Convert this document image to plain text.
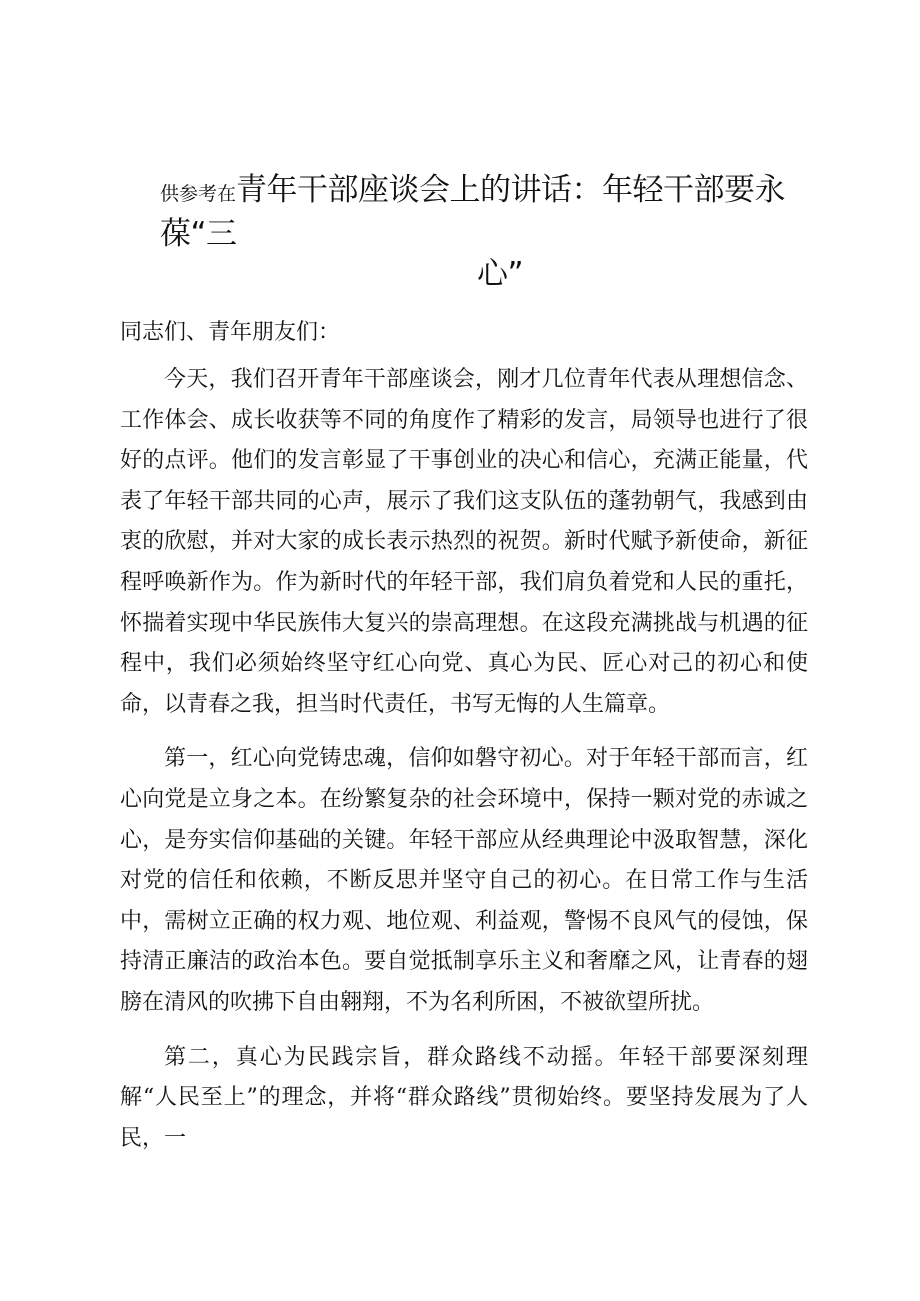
供参考在青年干部座谈会上的讲话：年轻干部要永葆“三
心”
同志们、青年朋友们：

今天，我们召开青年干部座谈会，刚才几位青年代表从理想信念、工作体会、成长收获等不同的角度作了精彩的发言，局领导也进行了很好的点评。他们的发言彰显了干事创业的决心和信心，充满正能量，代表了年轻干部共同的心声，展示了我们这支队伍的蓬勃朝气，我感到由衷的欣慰，并对大家的成长表示热烈的祝贺。新时代赋予新使命，新征程呼唤新作为。作为新时代的年轻干部，我们肩负着党和人民的重托，怀揣着实现中华民族伟大复兴的崇高理想。在这段充满挑战与机遇的征程中，我们必须始终坚守红心向党、真心为民、匠心对己的初心和使命，以青春之我，担当时代责任，书写无悔的人生篇章。

第一，红心向党铸忠魂，信仰如磐守初心。对于年轻干部而言，红心向党是立身之本。在纷繁复杂的社会环境中，保持一颗对党的赤诚之心，是夯实信仰基础的关键。年轻干部应从经典理论中汲取智慧，深化对党的信任和依赖，不断反思并坚守自己的初心。在日常工作与生活中，需树立正确的权力观、地位观、利益观，警惕不良风气的侵蚀，保持清正廉洁的政治本色。要自觉抵制享乐主义和奢靡之风，让青春的翅膀在清风的吹拂下自由翱翔，不为名利所困，不被欲望所扰。

第二，真心为民践宗旨，群众路线不动摇。年轻干部要深刻理解“人民至上”的理念，并将“群众路线”贯彻始终。要坚持发展为了人民，一
